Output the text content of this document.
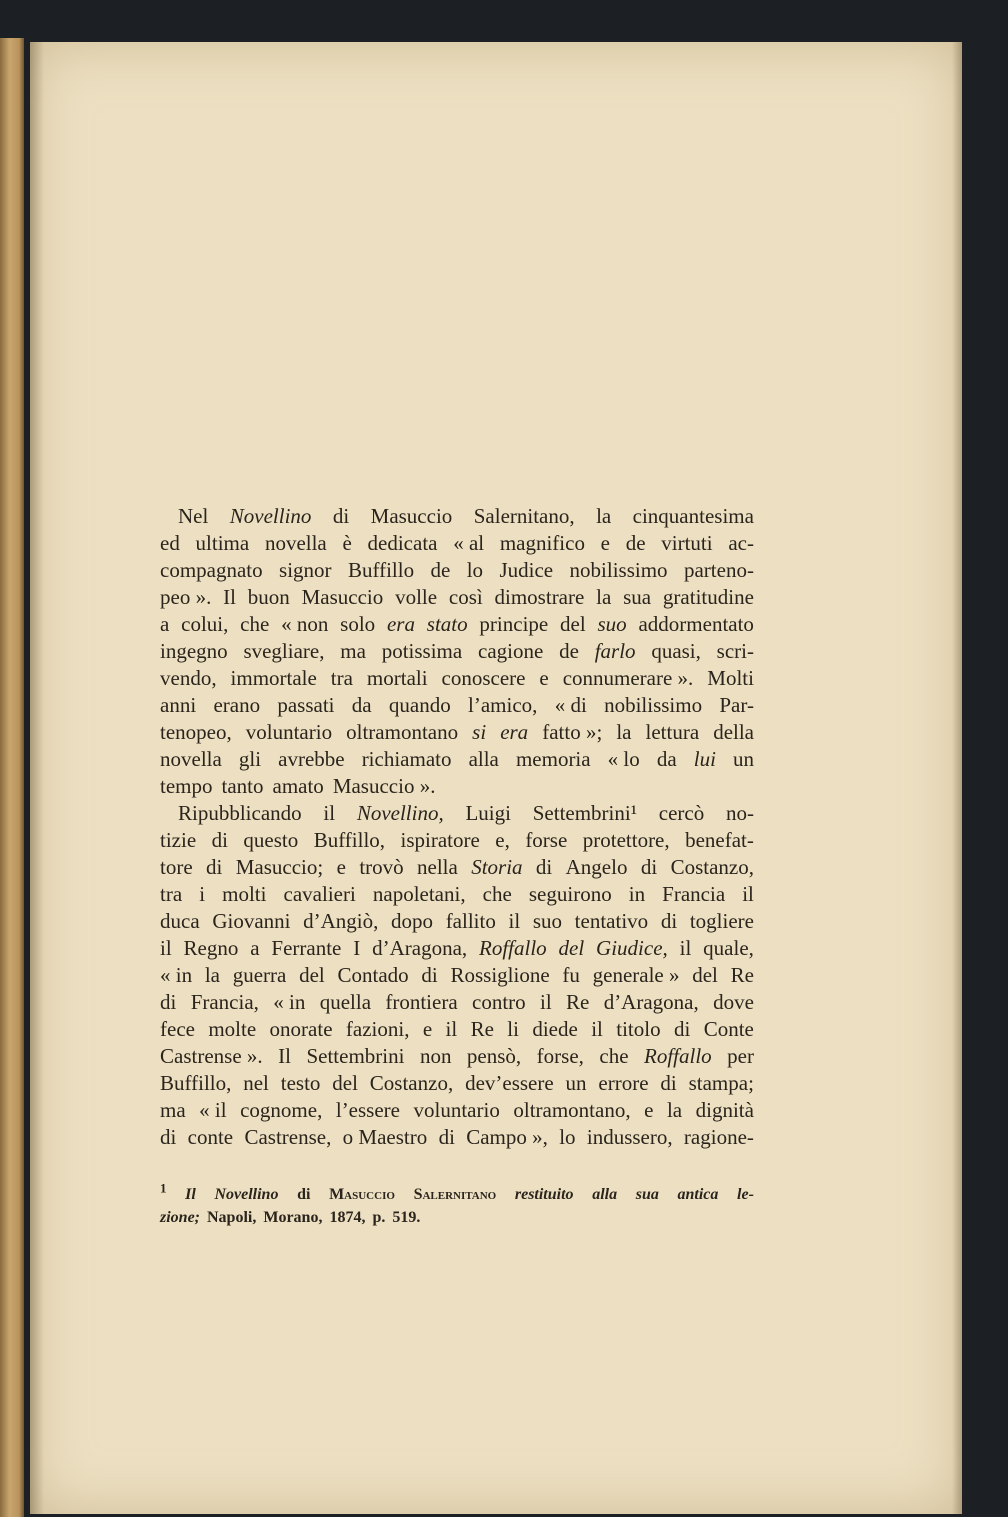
Nel Novellino di Masuccio Salernitano, la cinquantesima
ed ultima novella è dedicata « al magnifico e de virtuti ac-
compagnato signor Buffillo de lo Judice nobilissimo parteno-
peo ». Il buon Masuccio volle così dimostrare la sua gratitudine
a colui, che « non solo era stato principe del suo addormentato
ingegno svegliare, ma potissima cagione de farlo quasi, scri-
vendo, immortale tra mortali conoscere e connumerare ». Molti
anni erano passati da quando l’amico, « di nobilissimo Par-
tenopeo, voluntario oltramontano si era fatto »; la lettura della
novella gli avrebbe richiamato alla memoria « lo da lui un
tempo tanto amato Masuccio ».
Ripubblicando il Novellino, Luigi Settembrini¹ cercò no-
tizie di questo Buffillo, ispiratore e, forse protettore, benefat-
tore di Masuccio; e trovò nella Storia di Angelo di Costanzo,
tra i molti cavalieri napoletani, che seguirono in Francia il
duca Giovanni d’Angiò, dopo fallito il suo tentativo di togliere
il Regno a Ferrante I d’Aragona, Roffallo del Giudice, il quale,
« in la guerra del Contado di Rossiglione fu generale » del Re
di Francia, « in quella frontiera contro il Re d’Aragona, dove
fece molte onorate fazioni, e il Re li diede il titolo di Conte
Castrense ». Il Settembrini non pensò, forse, che Roffallo per
Buffillo, nel testo del Costanzo, dev’essere un errore di stampa;
ma « il cognome, l’essere voluntario oltramontano, e la dignità
di conte Castrense, o Maestro di Campo », lo indussero, ragione-
$^1$ Il Novellino di Masuccio Salernitano restituito alla sua antica le-
zione; Napoli, Morano, 1874, p. 519.
